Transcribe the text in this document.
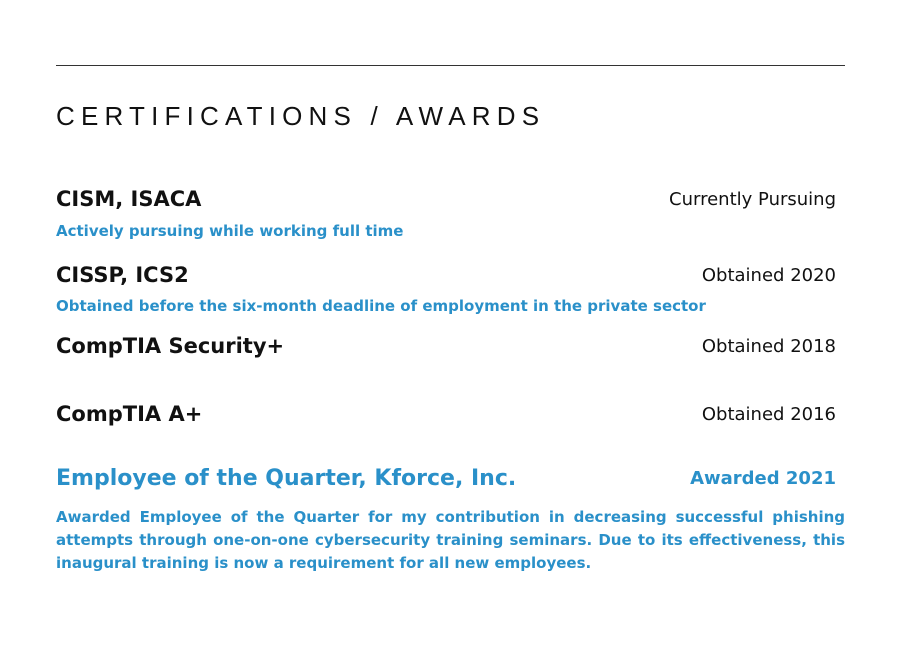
CERTIFICATIONS / AWARDS
CISM, ISACA	Currently Pursuing
Actively pursuing while working full time
CISSP, ICS2	Obtained 2020
Obtained before the six-month deadline of employment in the private sector
CompTIA Security+	Obtained 2018
CompTIA A+	Obtained 2016
Employee of the Quarter, Kforce, Inc.	Awarded 2021

Awarded Employee of the Quarter for my contribution in decreasing successful phishing attempts through one-on-one cybersecurity training seminars. Due to its effectiveness, this inaugural training is now a requirement for all new employees.
